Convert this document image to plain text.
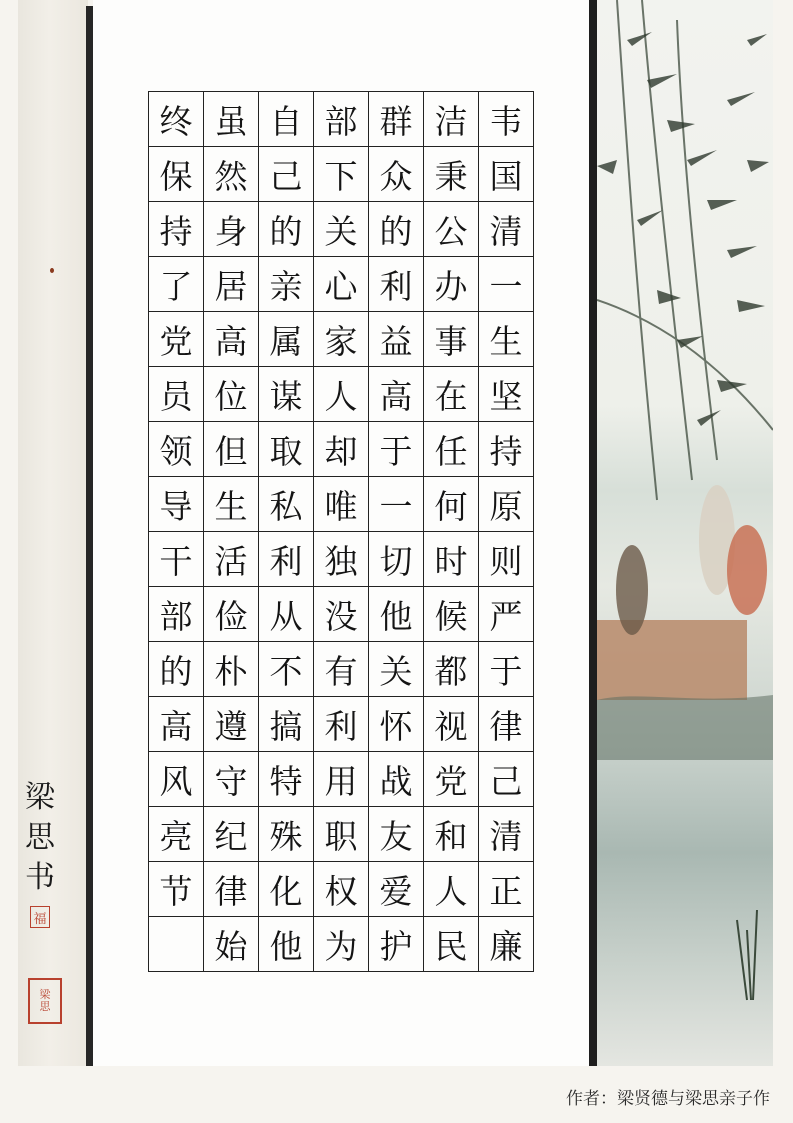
韦
国
清
一
生
坚
持
原
则
严
于
律
己
清
正
廉
洁
秉
公
办
事
在
任
何
时
候
都
视
党
和
人
民
群
众
的
利
益
高
于
一
切
他
关
怀
战
友
爱
护
部
下
关
心
家
人
却
唯
独
没
有
利
用
职
权
为
自
己
的
亲
属
谋
取
私
利
从
不
搞
特
殊
化
他
虽
然
身
居
高
位
但
生
活
俭
朴
遵
守
纪
律
始
终
保
持
了
党
员
领
导
干
部
的
高
风
亮
节
梁
思
书
福
梁
思
作者：梁贤德与梁思亲子作
